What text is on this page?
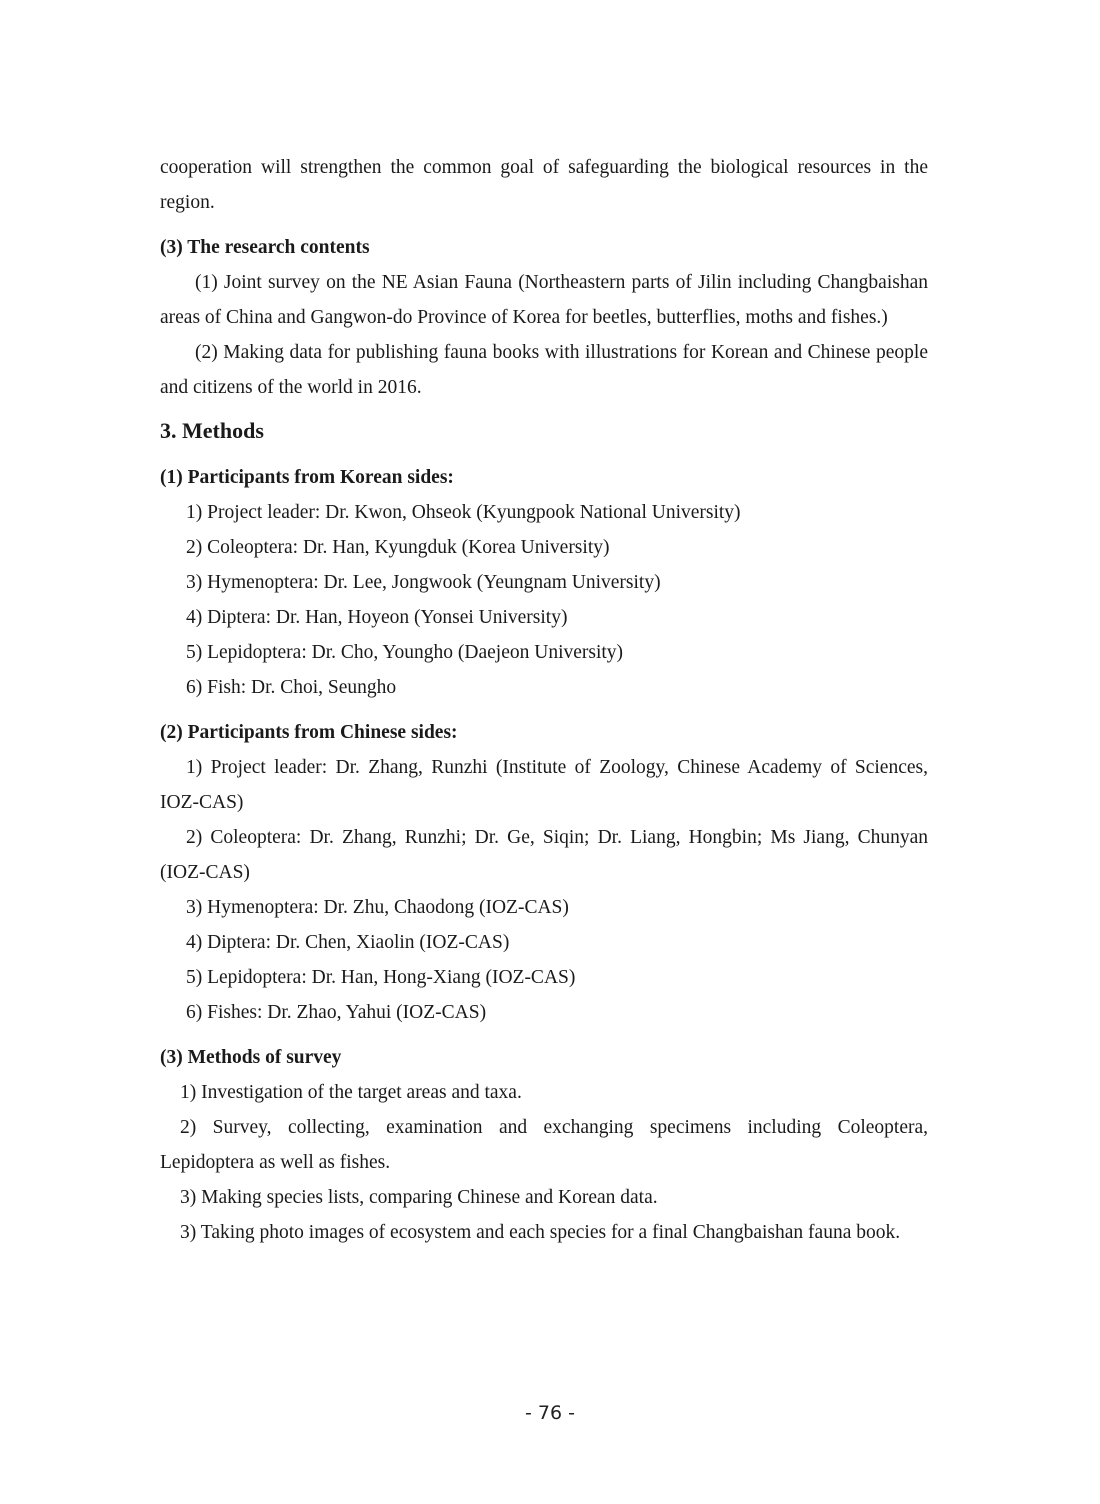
cooperation will strengthen the common goal of safeguarding the biological resources in the region.

(3) The research contents

(1) Joint survey on the NE Asian Fauna (Northeastern parts of Jilin including Changbaishan areas of China and Gangwon-do Province of Korea for beetles, butterflies, moths and fishes.)

(2) Making data for publishing fauna books with illustrations for Korean and Chinese people and citizens of the world in 2016.

3. Methods
(1) Participants from Korean sides:

1) Project leader: Dr. Kwon, Ohseok (Kyungpook National University)

2) Coleoptera: Dr. Han, Kyungduk (Korea University)

3) Hymenoptera: Dr. Lee, Jongwook (Yeungnam University)

4) Diptera: Dr. Han, Hoyeon (Yonsei University)

5) Lepidoptera: Dr. Cho, Youngho (Daejeon University)

6) Fish: Dr. Choi, Seungho

(2) Participants from Chinese sides:

1) Project leader: Dr. Zhang, Runzhi (Institute of Zoology, Chinese Academy of Sciences, IOZ-CAS)

2) Coleoptera: Dr. Zhang, Runzhi; Dr. Ge, Siqin; Dr. Liang, Hongbin; Ms Jiang, Chunyan (IOZ-CAS)

3) Hymenoptera: Dr. Zhu, Chaodong (IOZ-CAS)

4) Diptera: Dr. Chen, Xiaolin (IOZ-CAS)

5) Lepidoptera: Dr. Han, Hong-Xiang (IOZ-CAS)

6) Fishes: Dr. Zhao, Yahui (IOZ-CAS)

(3) Methods of survey

1) Investigation of the target areas and taxa.

2) Survey, collecting, examination and exchanging specimens including Coleoptera, Lepidoptera as well as fishes.

3) Making species lists, comparing Chinese and Korean data.

3) Taking photo images of ecosystem and each species for a final Changbaishan fauna book.

- 76 -
